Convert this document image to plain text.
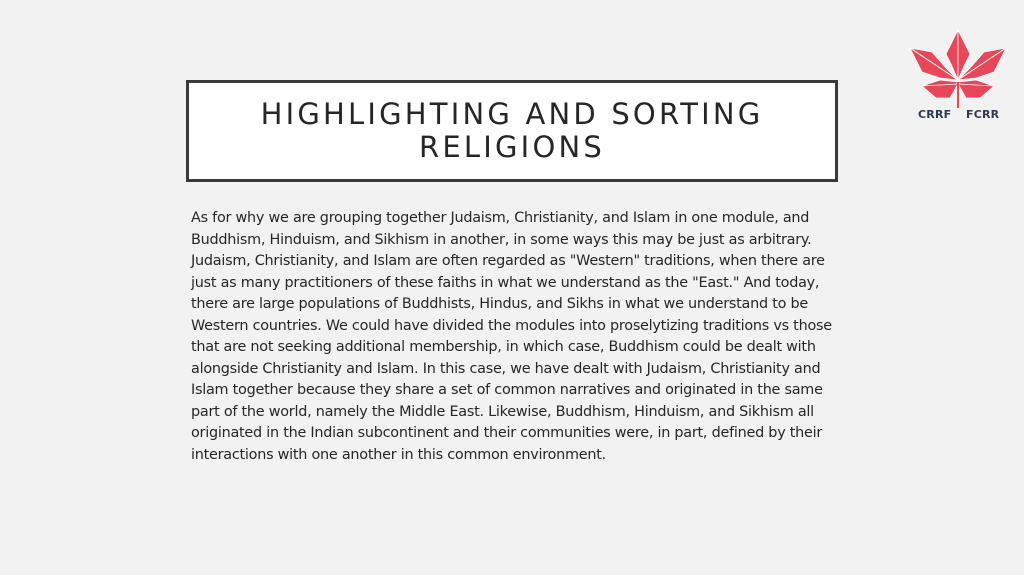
HIGHLIGHTING AND SORTING RELIGIONS

As for why we are grouping together Judaism, Christianity, and Islam in one module, and Buddhism, Hinduism, and Sikhism in another, in some ways this may be just as arbitrary. Judaism, Christianity, and Islam are often regarded as "Western" traditions, when there are just as many practitioners of these faiths in what we understand as the "East." And today, there are large populations of Buddhists, Hindus, and Sikhs in what we understand to be Western countries. We could have divided the modules into proselytizing traditions vs those that are not seeking additional membership, in which case, Buddhism could be dealt with alongside Christianity and Islam. In this case, we have dealt with Judaism, Christianity and Islam together because they share a set of common narratives and originated in the same part of the world, namely the Middle East. Likewise, Buddhism, Hinduism, and Sikhism all originated in the Indian subcontinent and their communities were, in part, defined by their interactions with one another in this common environment.

CRRF FCRR
